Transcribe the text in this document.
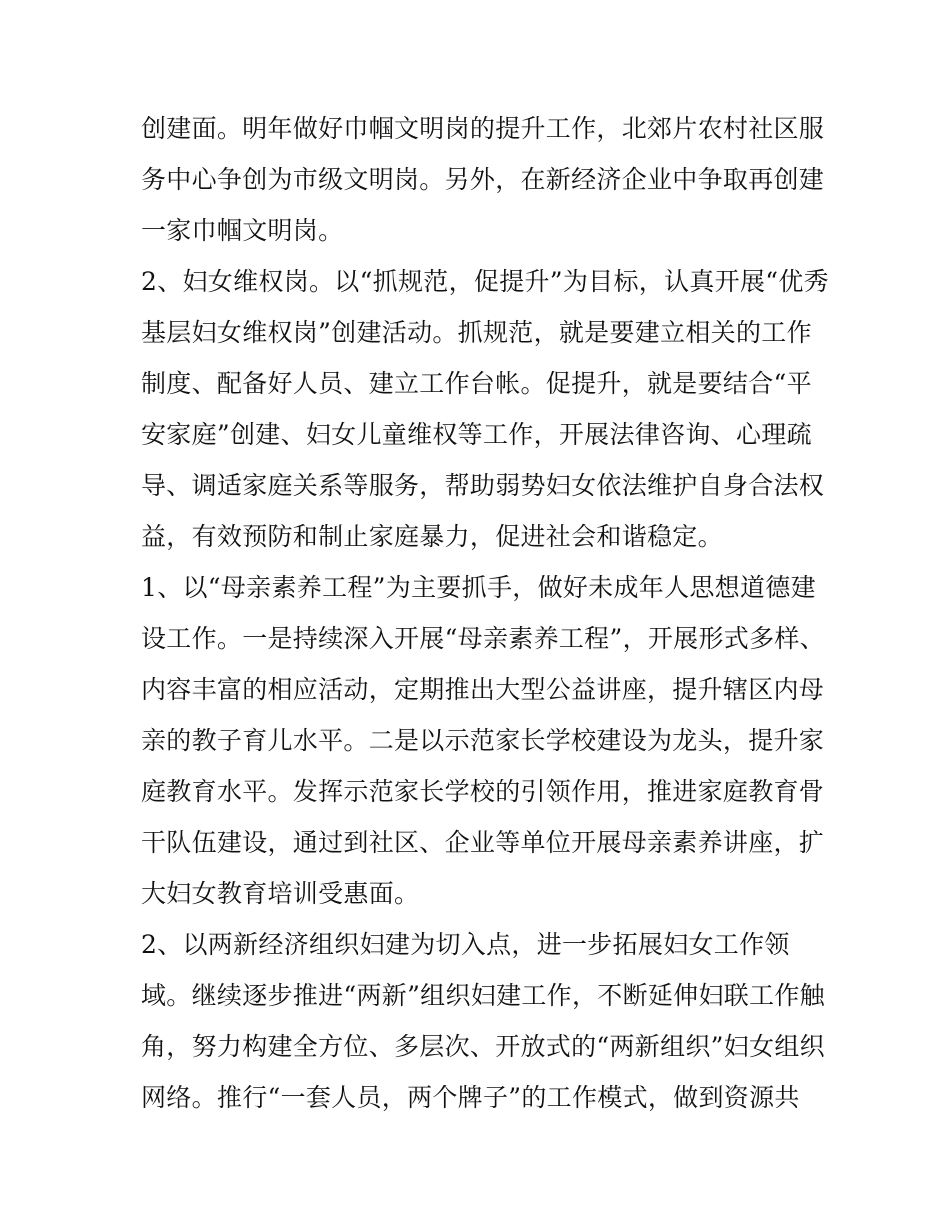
创建面。明年做好巾帼文明岗的提升工作，北郊片农村社区服
务中心争创为市级文明岗。另外，在新经济企业中争取再创建
一家巾帼文明岗。
2、妇女维权岗。以“抓规范，促提升”为目标，认真开展“优秀
基层妇女维权岗”创建活动。抓规范，就是要建立相关的工作
制度、配备好人员、建立工作台帐。促提升，就是要结合“平
安家庭”创建、妇女儿童维权等工作，开展法律咨询、心理疏
导、调适家庭关系等服务，帮助弱势妇女依法维护自身合法权
益，有效预防和制止家庭暴力，促进社会和谐稳定。
1、以“母亲素养工程”为主要抓手，做好未成年人思想道德建
设工作。一是持续深入开展“母亲素养工程”，开展形式多样、
内容丰富的相应活动，定期推出大型公益讲座，提升辖区内母
亲的教子育儿水平。二是以示范家长学校建设为龙头，提升家
庭教育水平。发挥示范家长学校的引领作用，推进家庭教育骨
干队伍建设，通过到社区、企业等单位开展母亲素养讲座，扩
大妇女教育培训受惠面。
2、以两新经济组织妇建为切入点，进一步拓展妇女工作领
域。继续逐步推进“两新”组织妇建工作，不断延伸妇联工作触
角，努力构建全方位、多层次、开放式的“两新组织”妇女组织
网络。推行“一套人员，两个牌子”的工作模式，做到资源共
